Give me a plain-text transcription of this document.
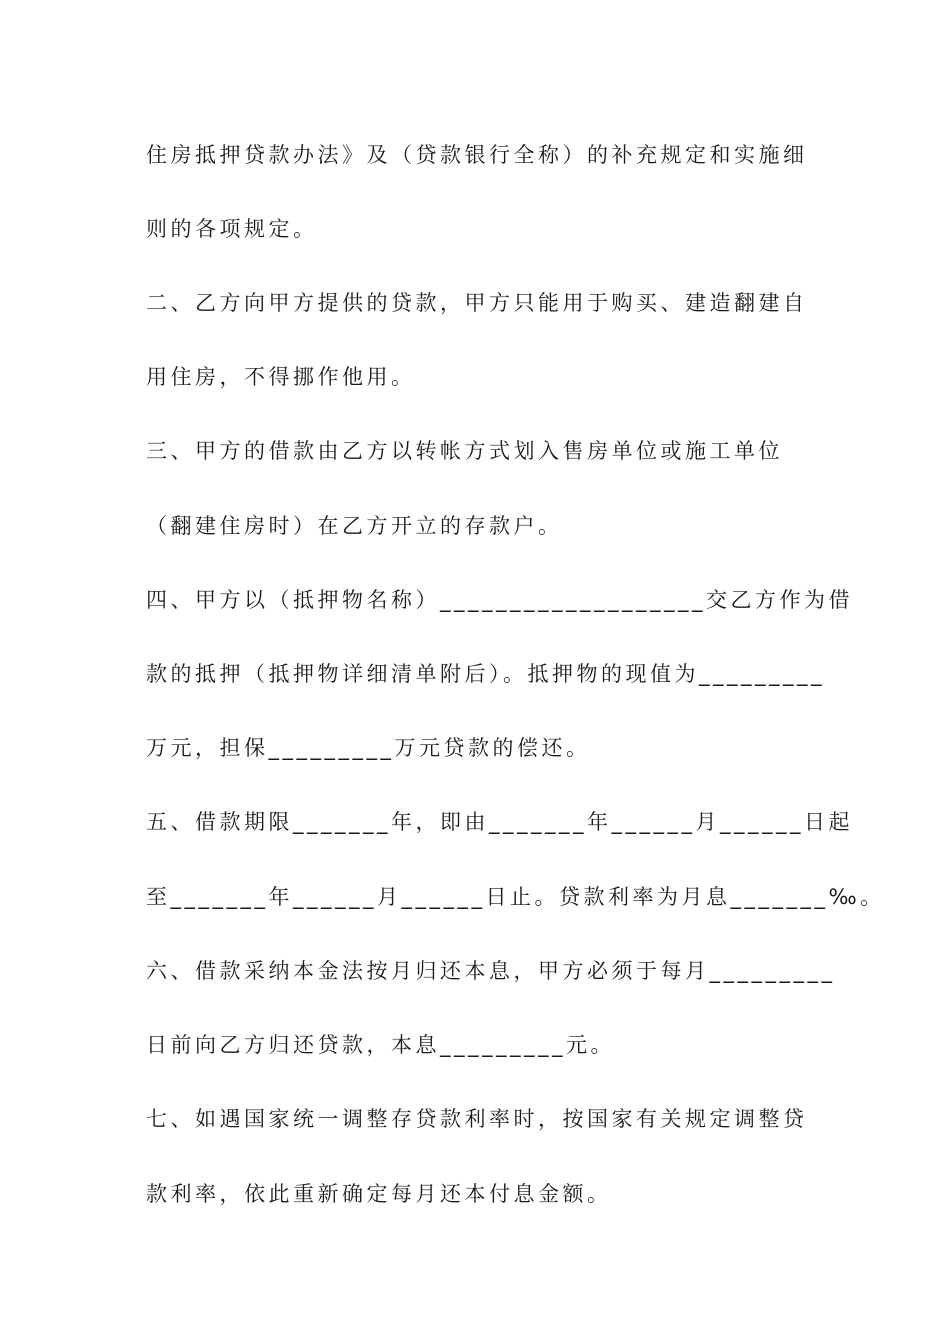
住房抵押贷款办法》及（贷款银行全称）的补充规定和实施细
则的各项规定。
二、乙方向甲方提供的贷款，甲方只能用于购买、建造翻建自
用住房，不得挪作他用。
三、甲方的借款由乙方以转帐方式划入售房单位或施工单位
（翻建住房时）在乙方开立的存款户。
四、甲方以（抵押物名称）___________________交乙方作为借
款的抵押（抵押物详细清单附后）。抵押物的现值为_________
万元，担保_________万元贷款的偿还。
五、借款期限_______年，即由_______年______月______日起
至_______年______月______日止。贷款利率为月息_______‰。
六、借款采纳本金法按月归还本息，甲方必须于每月_________
日前向乙方归还贷款，本息_________元。
七、如遇国家统一调整存贷款利率时，按国家有关规定调整贷
款利率，依此重新确定每月还本付息金额。
